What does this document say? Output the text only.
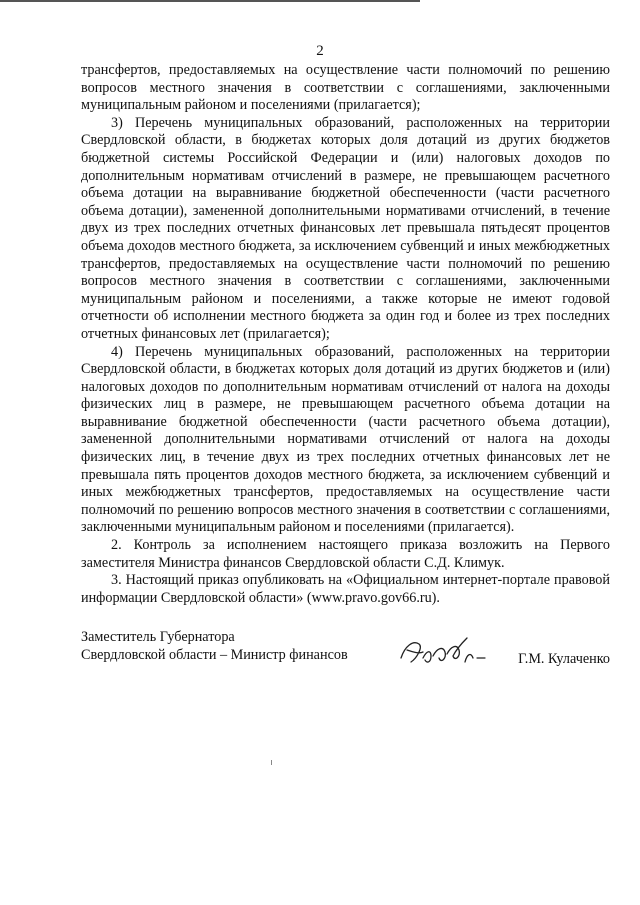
2

трансфертов, предоставляемых на осуществление части полномочий по решению вопросов местного значения в соответствии с соглашениями, заключенными муниципальным районом и поселениями (прилагается);

3) Перечень муниципальных образований, расположенных на территории Свердловской области, в бюджетах которых доля дотаций из других бюджетов бюджетной системы Российской Федерации и (или) налоговых доходов по дополнительным нормативам отчислений в размере, не превышающем расчетного объема дотации на выравнивание бюджетной обеспеченности (части расчетного объема дотации), замененной дополнительными нормативами отчислений, в течение двух из трех последних отчетных финансовых лет превышала пятьдесят процентов объема доходов местного бюджета, за исключением субвенций и иных межбюджетных трансфертов, предоставляемых на осуществление части полномочий по решению вопросов местного значения в соответствии с соглашениями, заключенными муниципальным районом и поселениями, а также которые не имеют годовой отчетности об исполнении местного бюджета за один год и более из трех последних отчетных финансовых лет (прилагается);

4) Перечень муниципальных образований, расположенных на территории Свердловской области, в бюджетах которых доля дотаций из других бюджетов и (или) налоговых доходов по дополнительным нормативам отчислений от налога на доходы физических лиц в размере, не превышающем расчетного объема дотации на выравнивание бюджетной обеспеченности (части расчетного объема дотации), замененной дополнительными нормативами отчислений от налога на доходы физических лиц, в течение двух из трех последних отчетных финансовых лет не превышала пять процентов доходов местного бюджета, за исключением субвенций и иных межбюджетных трансфертов, предоставляемых на осуществление части полномочий по решению вопросов местного значения в соответствии с соглашениями, заключенными муниципальным районом и поселениями (прилагается).

2. Контроль за исполнением настоящего приказа возложить на Первого заместителя Министра финансов Свердловской области С.Д. Климук.

3. Настоящий приказ опубликовать на «Официальном интернет-портале правовой информации Свердловской области» (www.pravo.gov66.ru).

Заместитель Губернатора
Свердловской области – Министр финансов	Г.М. Кулаченко
